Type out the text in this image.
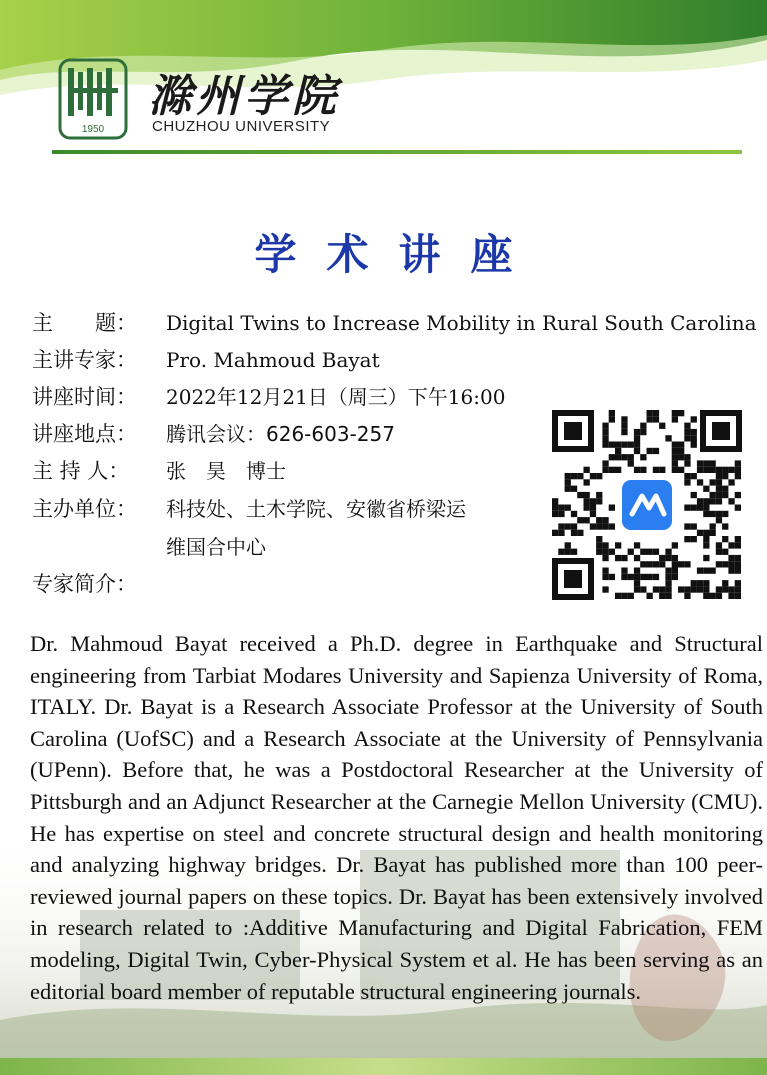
1950
滁州学院
CHUZHOU UNIVERSITY
学术讲座
主　　题： Digital Twins to Increase Mobility in Rural South Carolina
主讲专家： Pro. Mahmoud Bayat
讲座时间： 2022年12月21日（周三）下午16:00
讲座地点： 腾讯会议：626-603-257
主 持 人： 张　昊　博士
主办单位： 科技处、土木学院、安徽省桥梁运
维国合中心
专家简介：
Dr. Mahmoud Bayat received a Ph.D. degree in Earthquake and Structural engineering from Tarbiat Modares University and Sapienza University of Roma, ITALY. Dr. Bayat is a Research Associate Professor at the University of South Carolina (UofSC) and a Research Associate at the University of Pennsylvania (UPenn). Before that, he was a Postdoctoral Researcher at the University of Pittsburgh and an Adjunct Researcher at the Carnegie Mellon University (CMU). He has expertise on steel and concrete structural design and health monitoring and analyzing highway bridges. Dr. Bayat has published more than 100 peer-reviewed journal papers on these topics. Dr. Bayat has been extensively involved in research related to :Additive Manufacturing and Digital Fabrication, FEM modeling, Digital Twin, Cyber-Physical System et al. He has been serving as an editorial board member of reputable structural engineering journals.
